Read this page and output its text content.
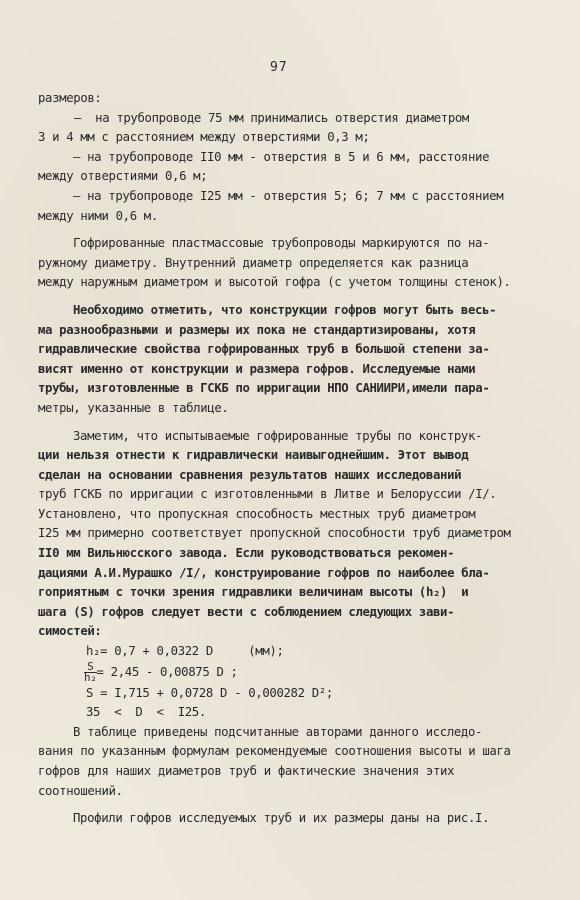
97
размеров:
–  на трубопроводе 75 мм принимались отверстия диаметром
3 и 4 мм с расстоянием между отверстиями 0,3 м;
– на трубопроводе II0 мм - отверстия в 5 и 6 мм, расстояние
между отверстиями 0,6 м;
– на трубопроводе I25 мм - отверстия 5; 6; 7 мм с расстоянием
между ними 0,6 м.
Гофрированные пластмассовые трубопроводы маркируются по на-
ружному диаметру. Внутренний диаметр определяется как разница
между наружным диаметром и высотой гофра (с учетом толщины стенок).
Необходимо отметить, что конструкции гофров могут быть весь-
ма разнообразными и размеры их пока не стандартизированы, хотя
гидравлические свойства гофрированных труб в большой степени за-
висят именно от конструкции и размера гофров. Исследуемые нами
трубы, изготовленные в ГСКБ по ирригации НПО САНИИРИ,имели пара-
метры, указанные в таблице.
Заметим, что испытываемые гофрированные трубы по конструк-
ции нельзя отнести к гидравлически наивыгоднейшим. Этот вывод
сделан на основании сравнения результатов наших исследований
труб ГСКБ по ирригации с изготовленными в Литве и Белоруссии /I/.
Установлено, что пропускная способность местных труб диаметром
I25 мм примерно соответствует пропускной способности труб диаметром
II0 мм Вильнюсского завода. Если руководствоваться рекомен-
дациями А.И.Мурашко /I/, конструирование гофров по наиболее бла-
гоприятным с точки зрения гидравлики величинам высоты (h₂)  и
шага (S) гофров следует вести с соблюдением следующих зави-
симостей:
h₂= 0,7 + 0,0322 D     (мм);
$\frac{S}{\text{h₂}} = 2,45 - 0,00875$ D ;
S = I,715 + 0,0728 D - 0,000282 D²;
35  <  D  <  I25.
В таблице приведены подсчитанные авторами данного исследо-
вания по указанным формулам рекомендуемые соотношения высоты и шага
гофров для наших диаметров труб и фактические значения этих
соотношений.
Профили гофров исследуемых труб и их размеры даны на рис.I.
